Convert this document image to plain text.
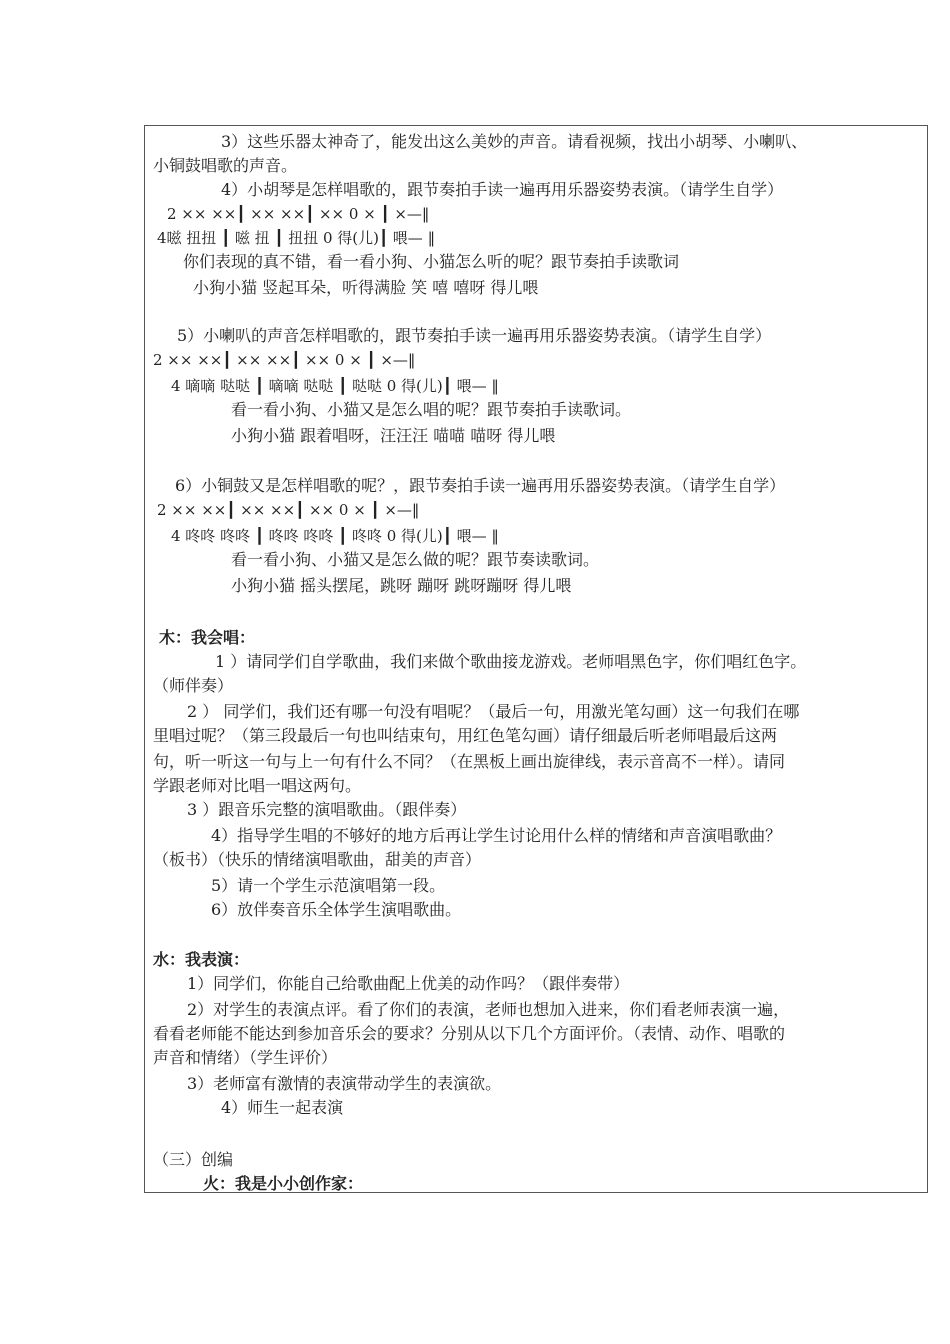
3）这些乐器太神奇了，能发出这么美妙的声音。请看视频，找出小胡琴、小喇叭、
小铜鼓唱歌的声音。
4）小胡琴是怎样唱歌的，跟节奏拍手读一遍再用乐器姿势表演。（请学生自学）
2 ×× ××┃ ×× ××┃ ×× 0 × ┃ ×—‖
4嗞 扭扭 ┃ 嗞 扭 ┃ 扭扭 0 得(儿)┃ 喂— ‖
你们表现的真不错，看一看小狗、小猫怎么听的呢？跟节奏拍手读歌词
小狗小猫 竖起耳朵，听得满脸 笑 嘻 嘻呀 得儿喂
5）小喇叭的声音怎样唱歌的，跟节奏拍手读一遍再用乐器姿势表演。（请学生自学）
2 ×× ××┃ ×× ××┃ ×× 0 × ┃ ×—‖
4 嘀嘀 哒哒 ┃ 嘀嘀 哒哒 ┃ 哒哒 0 得(儿)┃ 喂— ‖
看一看小狗、小猫又是怎么唱的呢？跟节奏拍手读歌词。
小狗小猫 跟着唱呀，汪汪汪 喵喵 喵呀 得儿喂
6）小铜鼓又是怎样唱歌的呢？，跟节奏拍手读一遍再用乐器姿势表演。（请学生自学）
2 ×× ××┃ ×× ××┃ ×× 0 × ┃ ×—‖
4 咚咚 咚咚 ┃ 咚咚 咚咚 ┃ 咚咚 0 得(儿)┃ 喂— ‖
看一看小狗、小猫又是怎么做的呢？跟节奏读歌词。
小狗小猫 摇头摆尾，跳呀 蹦呀 跳呀蹦呀 得儿喂
木：我会唱：
1 ）请同学们自学歌曲，我们来做个歌曲接龙游戏。老师唱黑色字，你们唱红色字。
（师伴奏）
2 ） 同学们，我们还有哪一句没有唱呢？（最后一句，用激光笔勾画）这一句我们在哪
里唱过呢？（第三段最后一句也叫结束句，用红色笔勾画）请仔细最后听老师唱最后这两
句，听一听这一句与上一句有什么不同？（在黑板上画出旋律线，表示音高不一样）。请同
学跟老师对比唱一唱这两句。
3 ）跟音乐完整的演唱歌曲。（跟伴奏）
4）指导学生唱的不够好的地方后再让学生讨论用什么样的情绪和声音演唱歌曲？
（板书）（快乐的情绪演唱歌曲，甜美的声音）
5）请一个学生示范演唱第一段。
6）放伴奏音乐全体学生演唱歌曲。
水：我表演：
1）同学们，你能自己给歌曲配上优美的动作吗？（跟伴奏带）
2）对学生的表演点评。看了你们的表演，老师也想加入进来，你们看老师表演一遍，
看看老师能不能达到参加音乐会的要求？分别从以下几个方面评价。（表情、动作、唱歌的
声音和情绪）（学生评价）
3）老师富有激情的表演带动学生的表演欲。
4）师生一起表演
（三）创编
火：我是小小创作家：
